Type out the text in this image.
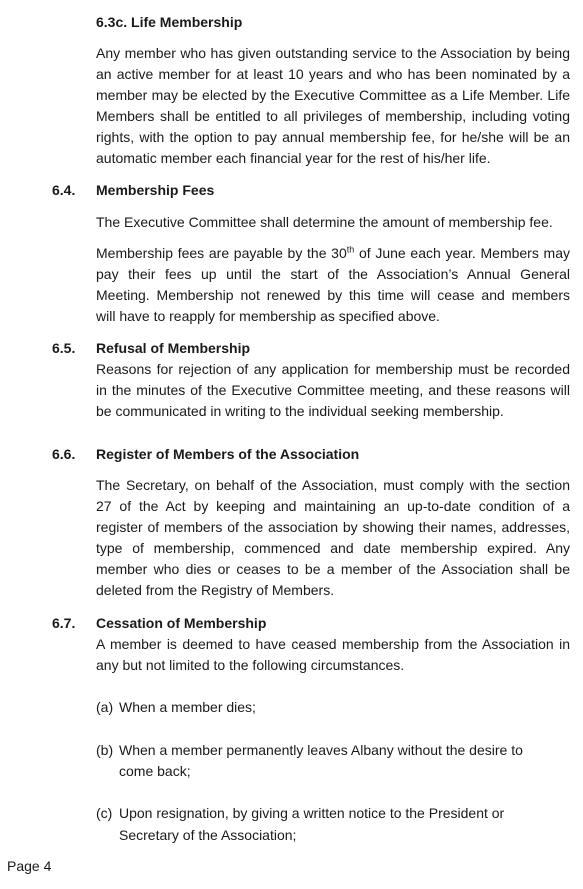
6.3c. Life Membership
Any member who has given outstanding service to the Association by being
an active member for at least 10 years and who has been nominated by a
member may be elected by the Executive Committee as a Life Member. Life
Members shall be entitled to all privileges of membership, including voting
rights, with the option to pay annual membership fee, for he/she will be an
automatic member each financial year for the rest of his/her life.
6.4. Membership Fees
The Executive Committee shall determine the amount of membership fee.
Membership fees are payable by the 30th of June each year. Members may
pay their fees up until the start of the Association’s Annual General
Meeting. Membership not renewed by this time will cease and members
will have to reapply for membership as specified above.
6.5. Refusal of Membership
Reasons for rejection of any application for membership must be recorded
in the minutes of the Executive Committee meeting, and these reasons will
be communicated in writing to the individual seeking membership.
6.6. Register of Members of the Association
The Secretary, on behalf of the Association, must comply with the section
27 of the Act by keeping and maintaining an up-to-date condition of a
register of members of the association by showing their names, addresses,
type of membership, commenced and date membership expired. Any
member who dies or ceases to be a member of the Association shall be
deleted from the Registry of Members.
6.7. Cessation of Membership
A member is deemed to have ceased membership from the Association in
any but not limited to the following circumstances.
(a) When a member dies;
(b) When a member permanently leaves Albany without the desire to
come back;
(c) Upon resignation, by giving a written notice to the President or
Secretary of the Association;
Page 4
